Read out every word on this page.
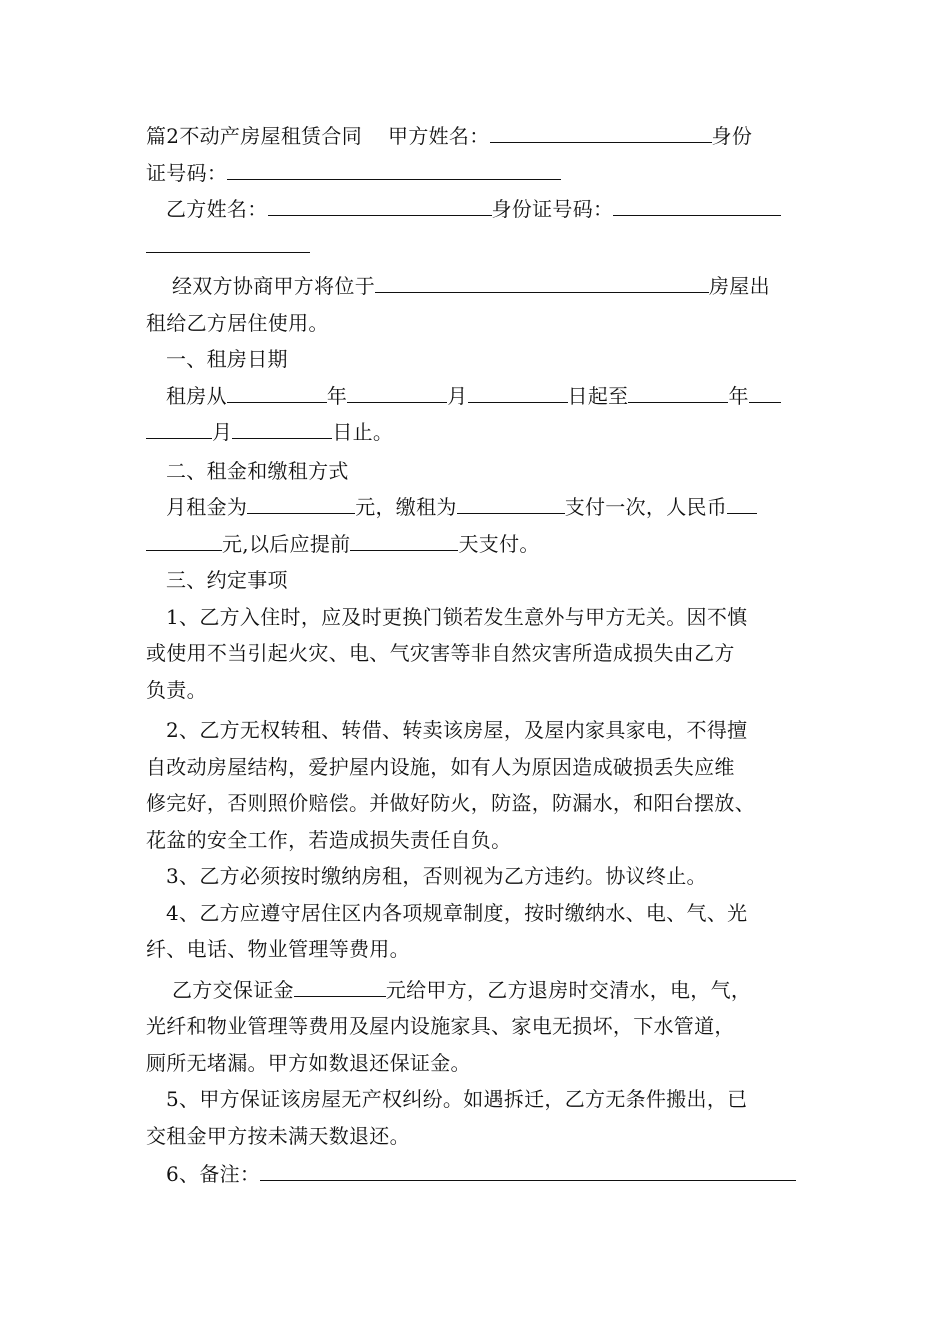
篇2不动产房屋租赁合同 甲方姓名：	身份
证号码：
乙方姓名：	身份证号码：
经双方协商甲方将位于	房屋出
租给乙方居住使用。
一、租房日期
租房从	年	月	日起至	年
月	日止。
二、租金和缴租方式
月租金为	元，缴租为	支付一次，人民币
元,以后应提前	天支付。
三、约定事项
1、乙方入住时，应及时更换门锁若发生意外与甲方无关。因不慎
或使用不当引起火灾、电、气灾害等非自然灾害所造成损失由乙方
负责。
2、乙方无权转租、转借、转卖该房屋，及屋内家具家电，不得擅
自改动房屋结构，爱护屋内设施，如有人为原因造成破损丢失应维
修完好，否则照价赔偿。并做好防火，防盗，防漏水，和阳台摆放、
花盆的安全工作，若造成损失责任自负。
3、乙方必须按时缴纳房租，否则视为乙方违约。协议终止。
4、乙方应遵守居住区内各项规章制度，按时缴纳水、电、气、光
纤、电话、物业管理等费用。
乙方交保证金	元给甲方，乙方退房时交清水，电，气，
光纤和物业管理等费用及屋内设施家具、家电无损坏，下水管道，
厕所无堵漏。甲方如数退还保证金。
5、甲方保证该房屋无产权纠纷。如遇拆迁，乙方无条件搬出，已
交租金甲方按未满天数退还。
6、备注：
